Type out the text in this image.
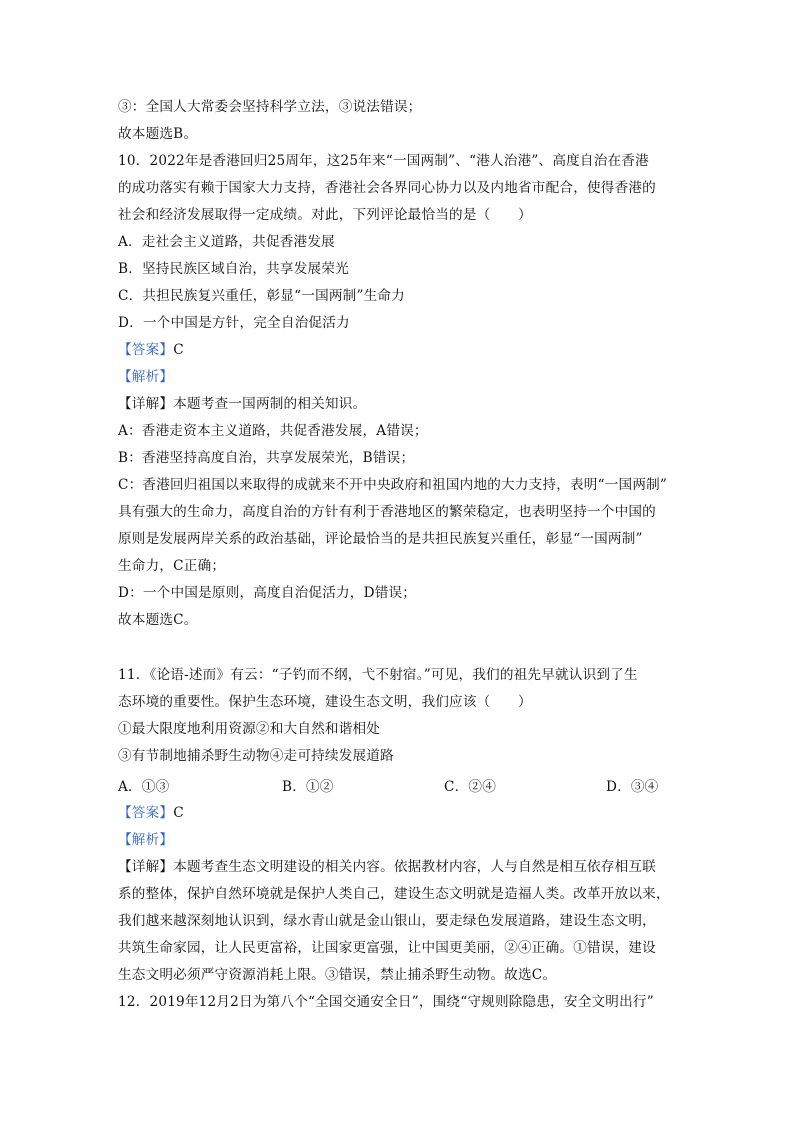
③：全国人大常委会坚持科学立法，③说法错误；
故本题选B。
10．2022年是香港回归25周年，这25年来“一国两制”、“港人治港”、高度自治在香港
的成功落实有赖于国家大力支持，香港社会各界同心协力以及内地省市配合，使得香港的
社会和经济发展取得一定成绩。对此，下列评论最恰当的是（　　）
A．走社会主义道路，共促香港发展
B．坚持民族区域自治，共享发展荣光
C．共担民族复兴重任，彰显“一国两制”生命力
D．一个中国是方针，完全自治促活力
【答案】C
【解析】
【详解】本题考查一国两制的相关知识。
A：香港走资本主义道路，共促香港发展，A错误；
B：香港坚持高度自治，共享发展荣光，B错误；
C：香港回归祖国以来取得的成就来不开中央政府和祖国内地的大力支持，表明“一国两制”
具有强大的生命力，高度自治的方针有利于香港地区的繁荣稳定，也表明坚持一个中国的
原则是发展两岸关系的政治基础，评论最恰当的是共担民族复兴重任，彰显“一国两制”
生命力，C正确；
D：一个中国是原则，高度自治促活力，D错误；
故本题选C。
11．《论语-述而》有云：“子钓而不纲，弋不射宿。”可见，我们的祖先早就认识到了生
态环境的重要性。保护生态环境，建设生态文明，我们应该（　　）
①最大限度地利用资源②和大自然和谐相处
③有节制地捕杀野生动物④走可持续发展道路
A．①③	B．①②	C．②④	D．③④
【答案】C
【解析】
【详解】本题考查生态文明建设的相关内容。依据教材内容，人与自然是相互依存相互联
系的整体，保护自然环境就是保护人类自己，建设生态文明就是造福人类。改革开放以来，
我们越来越深刻地认识到，绿水青山就是金山银山，要走绿色发展道路，建设生态文明，
共筑生命家园，让人民更富裕，让国家更富强，让中国更美丽，②④正确。①错误，建设
生态文明必须严守资源消耗上限。③错误，禁止捕杀野生动物。故选C。
12．2019年12月2日为第八个“全国交通安全日”，围绕“守规则除隐患，安全文明出行”
